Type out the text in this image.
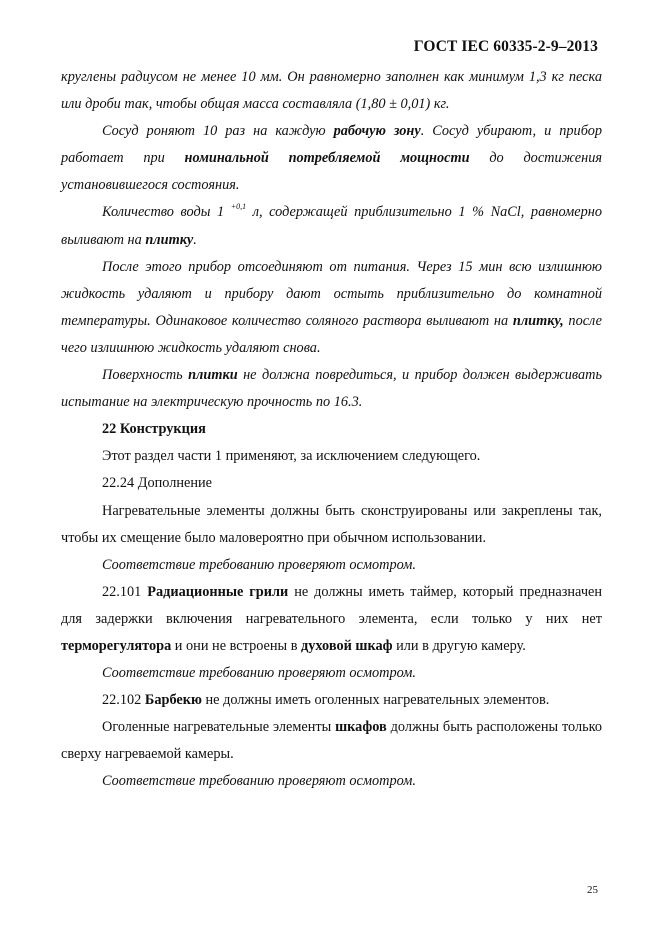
ГОСТ IEC 60335-2-9–2013

круглены радиусом не менее 10 мм. Он равномерно заполнен как минимум 1,3 кг песка или дроби так, чтобы общая масса составляла (1,80 ± 0,01) кг.

Сосуд роняют 10 раз на каждую рабочую зону. Сосуд убирают, и прибор работает при номинальной потребляемой мощности до достижения установившегося состояния.

Количество воды 1 $^{+0,1}$ л, содержащей приблизительно 1 % NaCl, равномерно выливают на плитку.

После этого прибор отсоединяют от питания. Через 15 мин всю излишнюю жидкость удаляют и прибору дают остыть приблизительно до комнатной температуры. Одинаковое количество соляного раствора выливают на плитку, после чего излишнюю жидкость удаляют снова.

Поверхность плитки не должна повредиться, и прибор должен выдерживать испытание на электрическую прочность по 16.3.

22 Конструкция

Этот раздел части 1 применяют, за исключением следующего.

22.24 Дополнение

Нагревательные элементы должны быть сконструированы или закреплены так, чтобы их смещение было маловероятно при обычном использовании.

Соответствие требованию проверяют осмотром.

22.101 Радиационные грили не должны иметь таймер, который предназначен для задержки включения нагревательного элемента, если только у них нет терморегулятора и они не встроены в духовой шкаф или в другую камеру.

Соответствие требованию проверяют осмотром.

22.102 Барбекю не должны иметь оголенных нагревательных элементов.

Оголенные нагревательные элементы шкафов должны быть расположены только сверху нагреваемой камеры.

Соответствие требованию проверяют осмотром.

25
